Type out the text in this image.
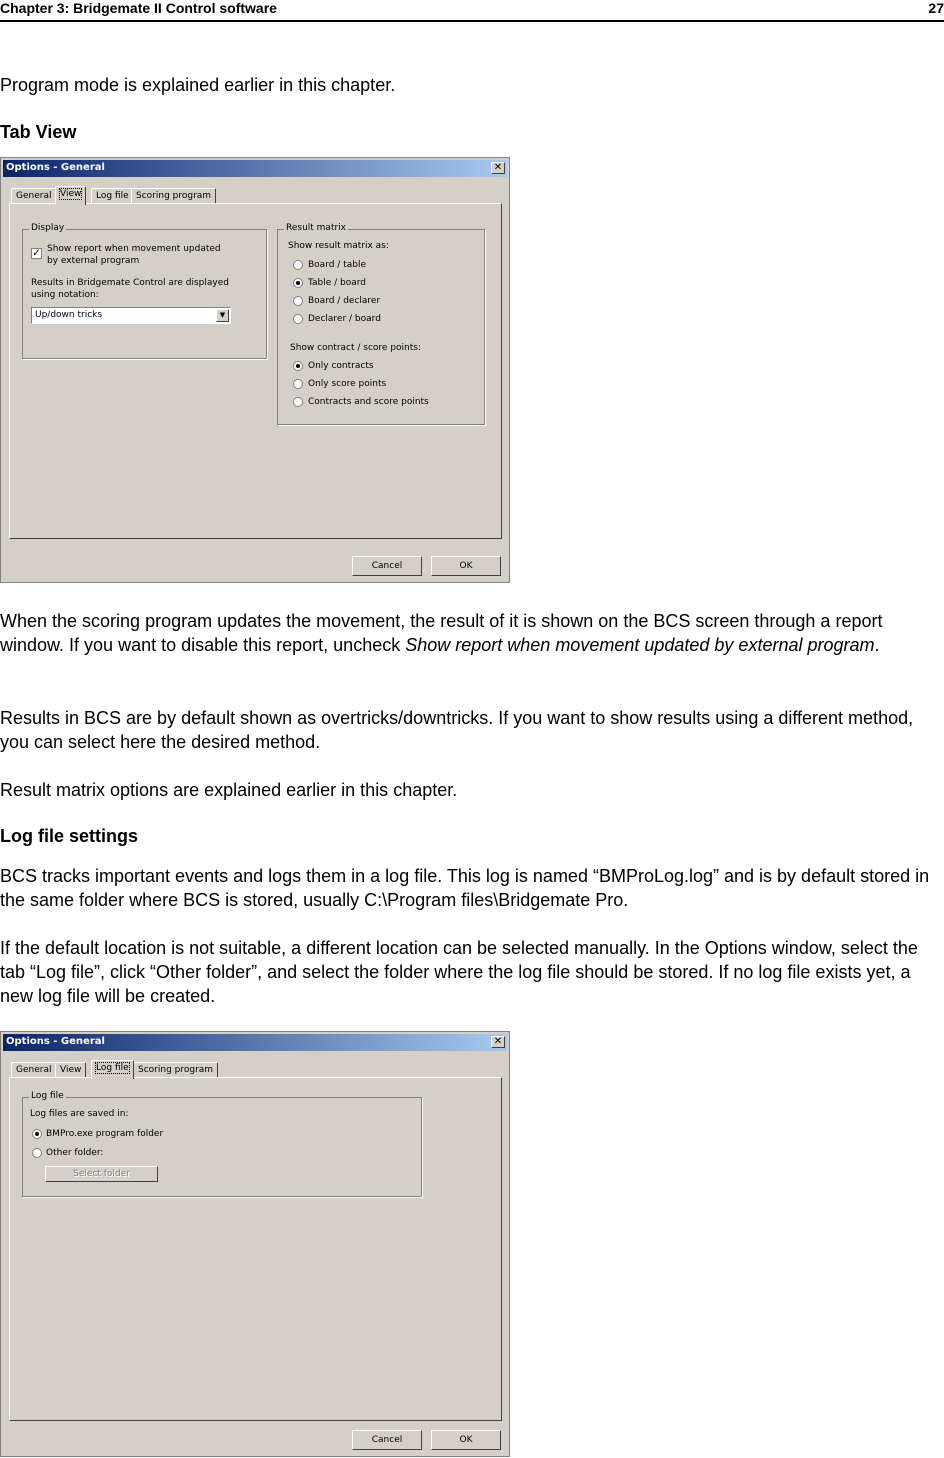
Chapter 3: Bridgemate II Control software	27
Program mode is explained earlier in this chapter.
Tab View
Options - General	✕
General View	Log file Scoring program
Display
✓ Show report when movement updated by external program
Results in Bridgemate Control are displayed using notation:
Up/down tricks	▼
Result matrix
Show result matrix as:
Board / table
Table / board
Board / declarer
Declarer / board
Show contract / score points:
Only contracts
Only score points
Contracts and score points
Cancel	OK
When the scoring program updates the movement, the result of it is shown on the BCS screen through a report window. If you want to disable this report, uncheck Show report when movement updated by external program.
Results in BCS are by default shown as overtricks/downtricks. If you want to show results using a different method, you can select here the desired method.
Result matrix options are explained earlier in this chapter.
Log file settings
BCS tracks important events and logs them in a log file. This log is named “BMProLog.log” and is by default stored in the same folder where BCS is stored, usually C:\Program files\Bridgemate Pro.
If the default location is not suitable, a different location can be selected manually. In the Options window, select the tab “Log file”, click “Other folder”, and select the folder where the log file should be stored. If no log file exists yet, a new log file will be created.
Options - General	✕
General View	Log file	Scoring program
Log file
Log files are saved in:
BMPro.exe program folder
Other folder:
Select folder
Cancel	OK
